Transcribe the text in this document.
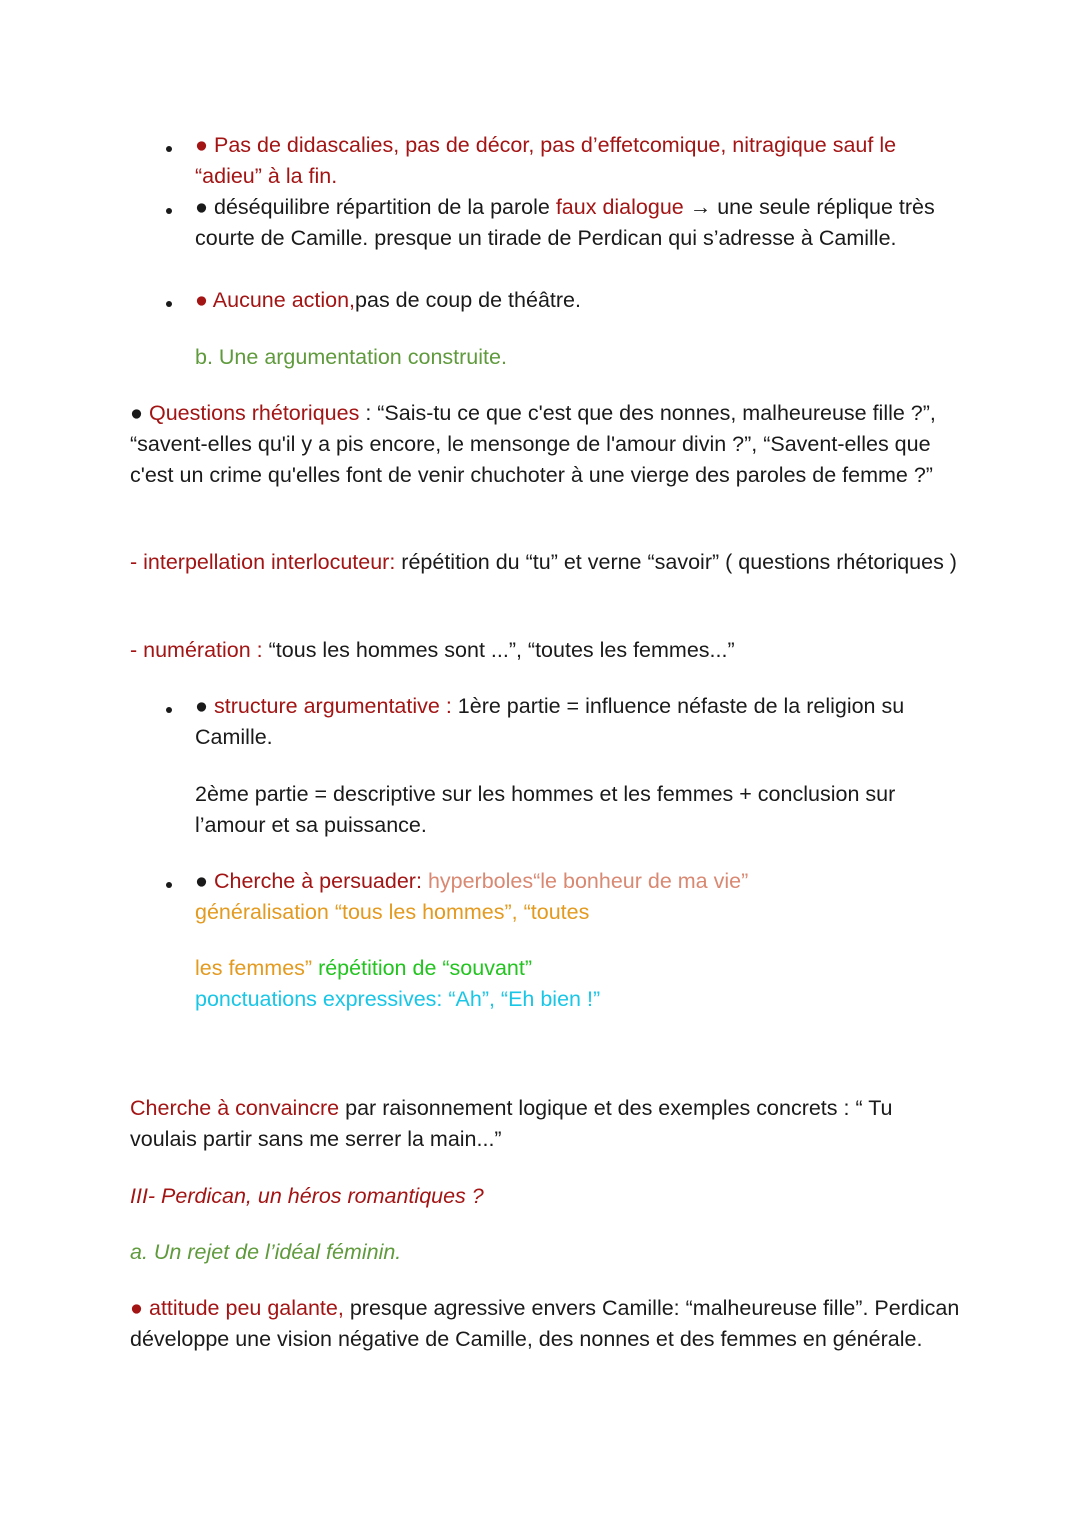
● Pas de didascalies, pas de décor, pas d’effetcomique, nitragique sauf le “adieu” à la fin.

● déséquilibre répartition de la parole faux dialogue → une seule réplique très courte de Camille. presque un tirade de Perdican qui s’adresse à Camille.

● Aucune action,pas de coup de théâtre.

b. Une argumentation construite.

● Questions rhétoriques : “Sais-tu ce que c'est que des nonnes, malheureuse fille ?”, “savent-elles qu'il y a pis encore, le mensonge de l'amour divin ?”, “Savent-elles que c'est un crime qu'elles font de venir chuchoter à une vierge des paroles de femme ?”

- interpellation interlocuteur: répétition du “tu” et verne “savoir” ( questions rhétoriques )

- numération : “tous les hommes sont ...”, “toutes les femmes...”

● structure argumentative : 1ère partie = influence néfaste de la religion su Camille.

2ème partie = descriptive sur les hommes et les femmes + conclusion sur l’amour et sa puissance.

● Cherche à persuader: hyperboles“le bonheur de ma vie”
généralisation “tous les hommes”, “toutes

les femmes” répétition de “souvant”
ponctuations expressives: “Ah”, “Eh bien !”

Cherche à convaincre par raisonnement logique et des exemples concrets : “ Tu voulais partir sans me serrer la main...”

III- Perdican, un héros romantiques ?

a. Un rejet de l’idéal féminin.

● attitude peu galante, presque agressive envers Camille: “malheureuse fille”. Perdican développe une vision négative de Camille, des nonnes et des femmes en générale.
